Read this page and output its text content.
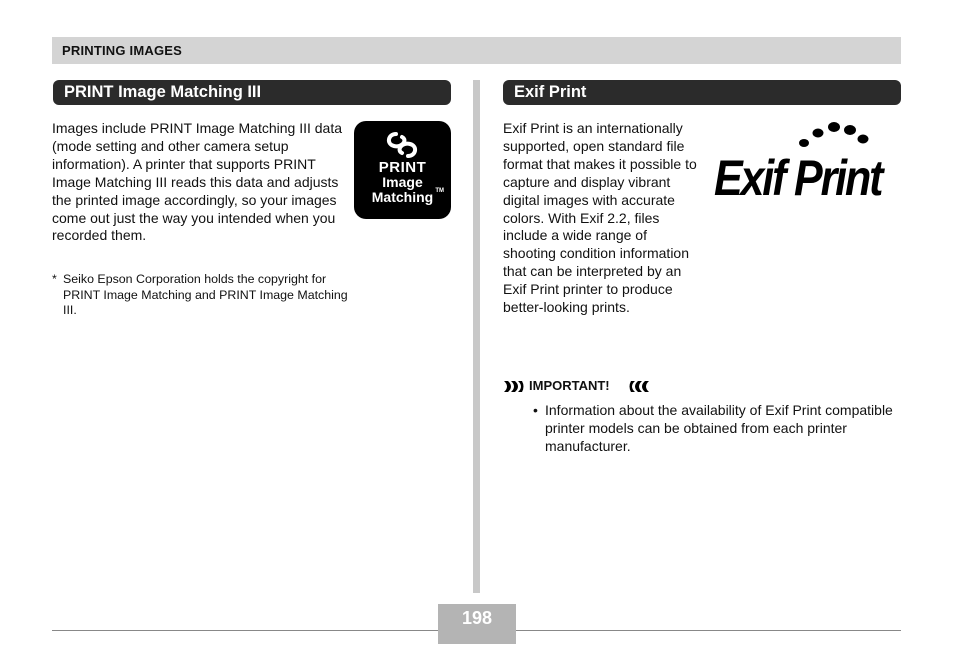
PRINTING IMAGES
PRINT Image Matching III	Exif Print

Images include PRINT Image Matching III data (mode setting and other camera setup information). A printer that supports PRINT Image Matching III reads this data and adjusts the printed image accordingly, so your images come out just the way you intended when you recorded them.

* Seiko Epson Corporation holds the copyright for PRINT Image Matching and PRINT Image Matching III.
PRINT
Image
Matching TM

Exif Print is an internationally supported, open standard file format that makes it possible to capture and display vibrant digital images with accurate colors. With Exif 2.2, files include a wide range of shooting condition information that can be interpreted by an Exif Print printer to produce better-looking prints.

Exif Print
IMPORTANT!
• Information about the availability of Exif Print compatible printer models can be obtained from each printer manufacturer.
198
